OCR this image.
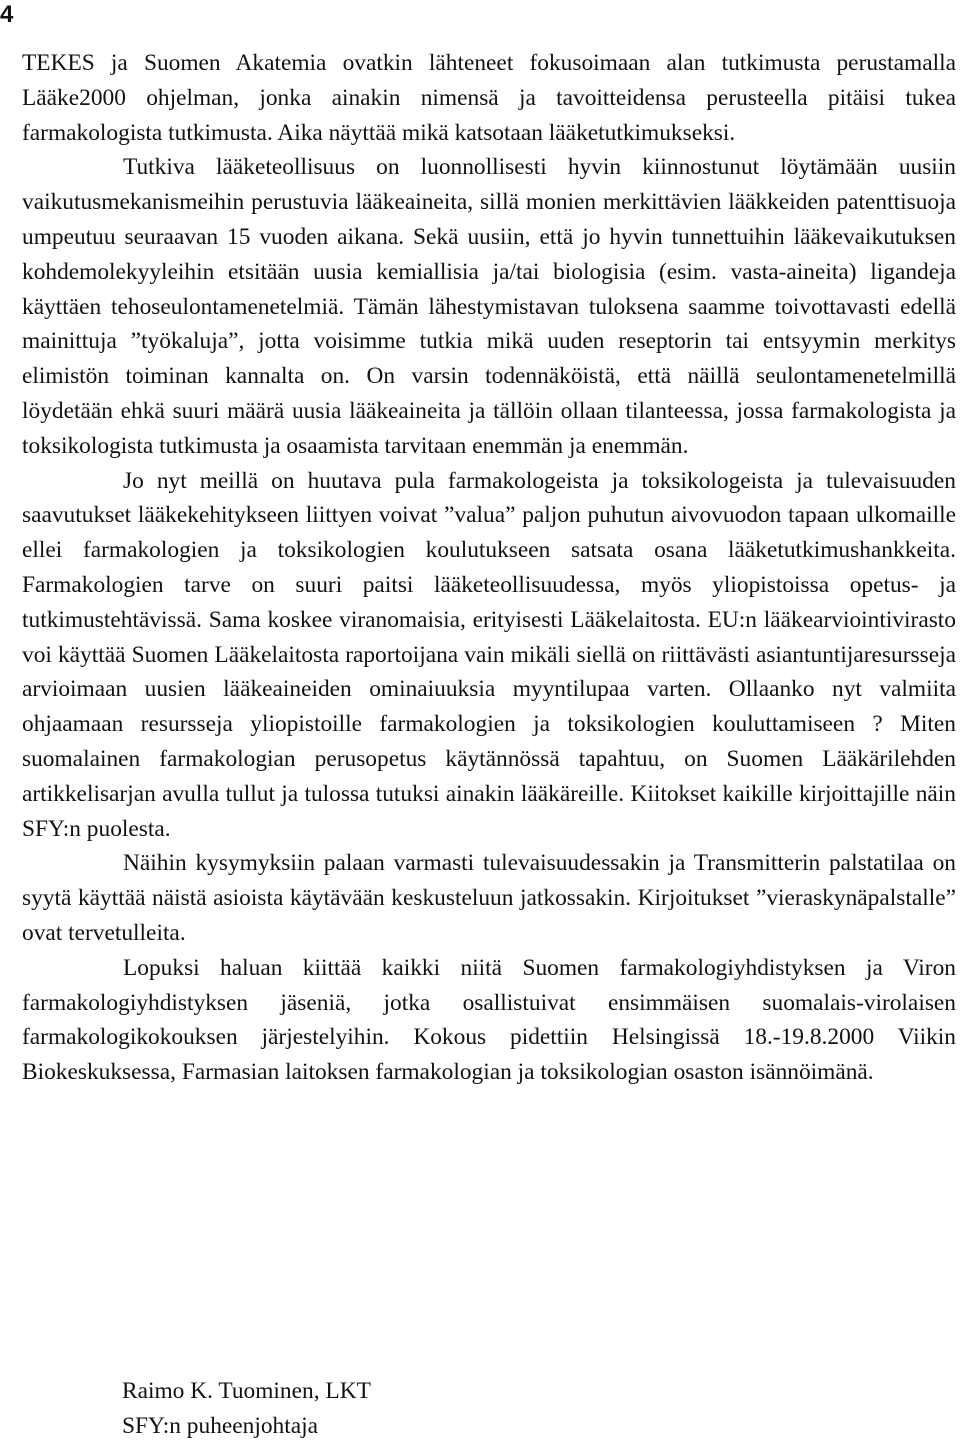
4

TEKES ja Suomen Akatemia ovatkin lähteneet fokusoimaan alan tutkimusta perustamalla Lääke2000 ohjelman, jonka ainakin nimensä ja tavoitteidensa perusteella pitäisi tukea farmakologista tutkimusta. Aika näyttää mikä katsotaan lääketutkimukseksi.

Tutkiva lääketeollisuus on luonnollisesti hyvin kiinnostunut löytämään uusiin vaikutusmekanismeihin perustuvia lääkeaineita, sillä monien merkittävien lääkkeiden patenttisuoja umpeutuu seuraavan 15 vuoden aikana. Sekä uusiin, että jo hyvin tunnettuihin lääkevaikutuksen kohdemolekyyleihin etsitään uusia kemiallisia ja/tai biologisia (esim. vasta-aineita) ligandeja käyttäen tehoseulontamenetelmiä. Tämän lähestymistavan tuloksena saamme toivottavasti edellä mainittuja ”työkaluja”, jotta voisimme tutkia mikä uuden reseptorin tai entsyymin merkitys elimistön toiminan kannalta on. On varsin todennäköistä, että näillä seulontamenetelmillä löydetään ehkä suuri määrä uusia lääkeaineita ja tällöin ollaan tilanteessa, jossa farmakologista ja toksikologista tutkimusta ja osaamista tarvitaan enemmän ja enemmän.

Jo nyt meillä on huutava pula farmakologeista ja toksikologeista ja tulevaisuuden saavutukset lääkekehitykseen liittyen voivat ”valua” paljon puhutun aivovuodon tapaan ulkomaille ellei farmakologien ja toksikologien koulutukseen satsata osana lääketutkimushankkeita. Farmakologien tarve on suuri paitsi lääketeollisuudessa, myös yliopistoissa opetus- ja tutkimustehtävissä. Sama koskee viranomaisia, erityisesti Lääkelaitosta. EU:n lääkearviointivirasto voi käyttää Suomen Lääkelaitosta raportoijana vain mikäli siellä on riittävästi asiantuntijaresursseja arvioimaan uusien lääkeaineiden ominaiuuksia myyntilupaa varten. Ollaanko nyt valmiita ohjaamaan resursseja yliopistoille farmakologien ja toksikologien kouluttamiseen ? Miten suomalainen farmakologian perusopetus käytännössä tapahtuu, on Suomen Lääkärilehden artikkelisarjan avulla tullut ja tulossa tutuksi ainakin lääkäreille. Kiitokset kaikille kirjoittajille näin SFY:n puolesta.

Näihin kysymyksiin palaan varmasti tulevaisuudessakin ja Transmitterin palstatilaa on syytä käyttää näistä asioista käytävään keskusteluun jatkossakin. Kirjoitukset ”vieraskynäpalstalle” ovat tervetulleita.

Lopuksi haluan kiittää kaikki niitä Suomen farmakologiyhdistyksen ja Viron farmakologiyhdistyksen jäseniä, jotka osallistuivat ensimmäisen suomalais-virolaisen farmakologikokouksen järjestelyihin. Kokous pidettiin Helsingissä 18.-19.8.2000 Viikin Biokeskuksessa, Farmasian laitoksen farmakologian ja toksikologian osaston isännöimänä.

Raimo K. Tuominen, LKT
SFY:n puheenjohtaja
